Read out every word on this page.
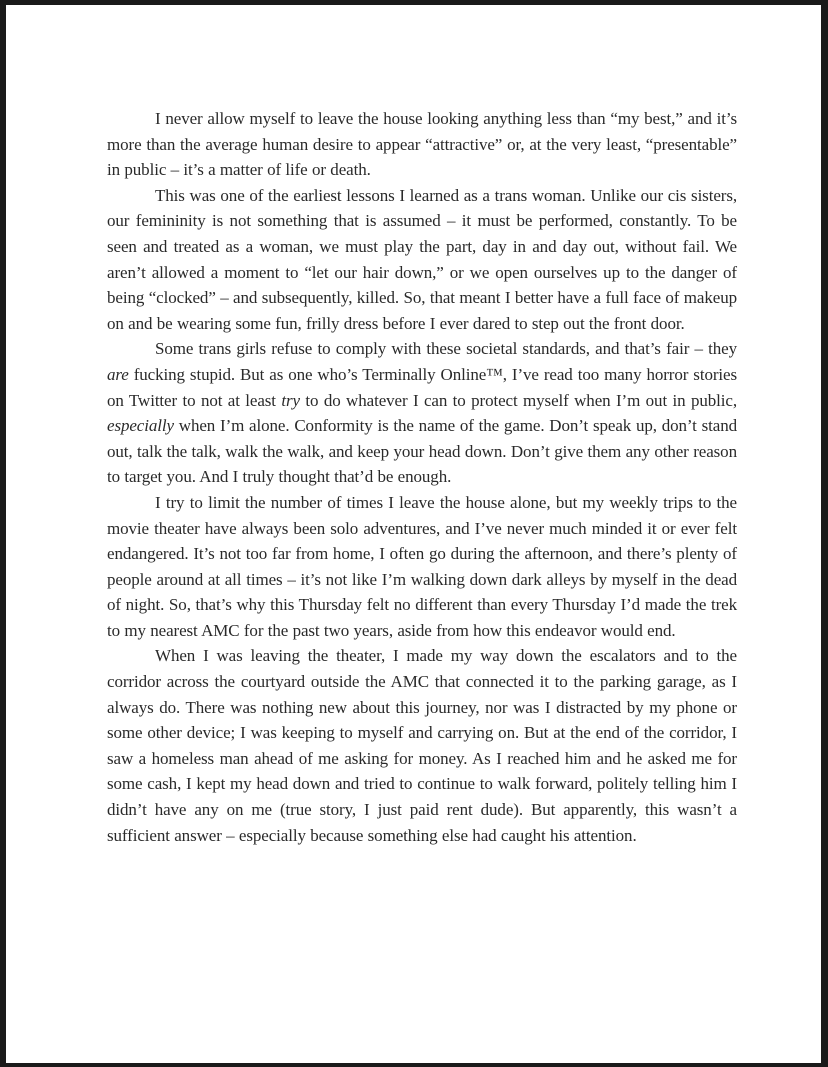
I never allow myself to leave the house looking anything less than “my best,” and it’s more than the average human desire to appear “attractive” or, at the very least, “presentable” in public – it’s a matter of life or death.

This was one of the earliest lessons I learned as a trans woman. Unlike our cis sisters, our femininity is not something that is assumed – it must be performed, constantly. To be seen and treated as a woman, we must play the part, day in and day out, without fail. We aren’t allowed a moment to “let our hair down,” or we open ourselves up to the danger of being “clocked” – and subsequently, killed. So, that meant I better have a full face of makeup on and be wearing some fun, frilly dress before I ever dared to step out the front door.

Some trans girls refuse to comply with these societal standards, and that’s fair – they are fucking stupid. But as one who’s Terminally Online™, I’ve read too many horror stories on Twitter to not at least try to do whatever I can to protect myself when I’m out in public, especially when I’m alone. Conformity is the name of the game. Don’t speak up, don’t stand out, talk the talk, walk the walk, and keep your head down. Don’t give them any other reason to target you. And I truly thought that’d be enough.

I try to limit the number of times I leave the house alone, but my weekly trips to the movie theater have always been solo adventures, and I’ve never much minded it or ever felt endangered. It’s not too far from home, I often go during the afternoon, and there’s plenty of people around at all times – it’s not like I’m walking down dark alleys by myself in the dead of night. So, that’s why this Thursday felt no different than every Thursday I’d made the trek to my nearest AMC for the past two years, aside from how this endeavor would end.

When I was leaving the theater, I made my way down the escalators and to the corridor across the courtyard outside the AMC that connected it to the parking garage, as I always do. There was nothing new about this journey, nor was I distracted by my phone or some other device; I was keeping to myself and carrying on. But at the end of the corridor, I saw a homeless man ahead of me asking for money. As I reached him and he asked me for some cash, I kept my head down and tried to continue to walk forward, politely telling him I didn’t have any on me (true story, I just paid rent dude). But apparently, this wasn’t a sufficient answer – especially because something else had caught his attention.
